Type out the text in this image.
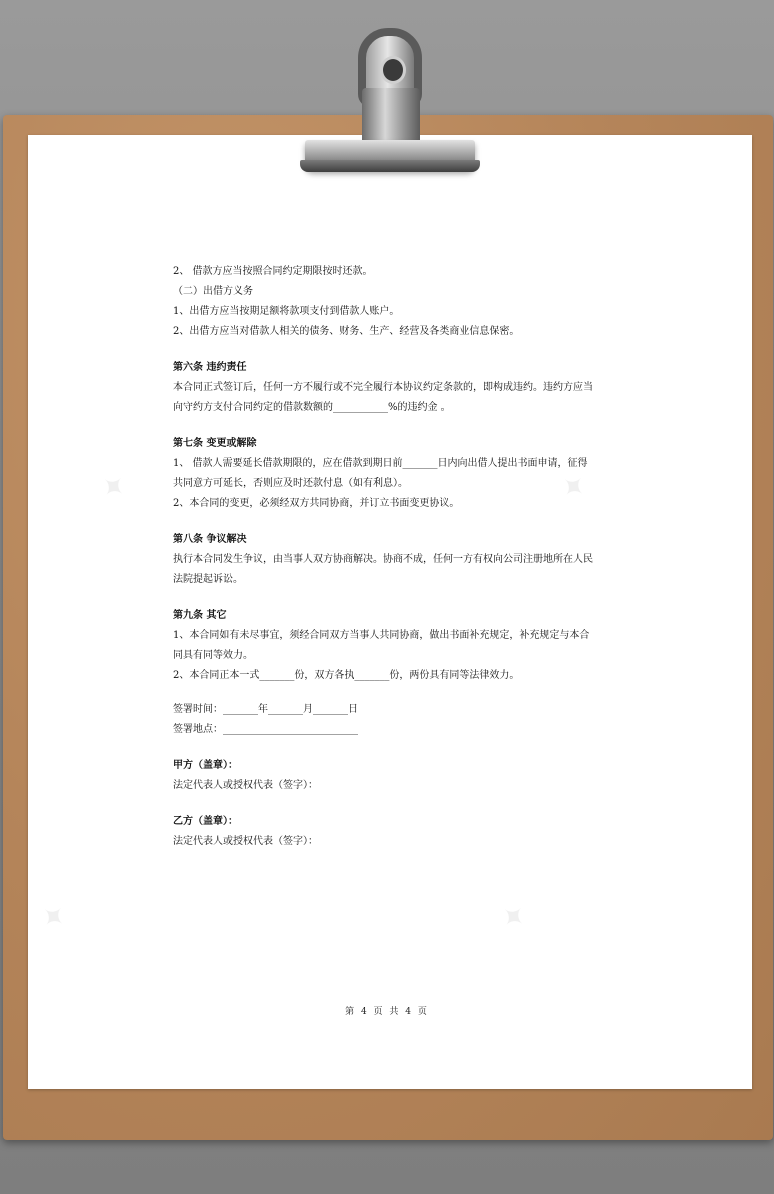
2、 借款方应当按照合同约定期限按时还款。

（二）出借方义务

1、出借方应当按期足额将款项支付到借款人账户。

2、出借方应当对借款人相关的债务、财务、生产、经营及各类商业信息保密。

第六条 违约责任

本合同正式签订后，任何一方不履行或不完全履行本协议约定条款的，即构成违约。违约方应当

向守约方支付合同约定的借款数额的___________%的违约金 。

第七条 变更或解除

1、 借款人需要延长借款期限的，应在借款到期日前_______日内向出借人提出书面申请，征得

共同意方可延长，否则应及时还款付息（如有利息）。

2、本合同的变更，必须经双方共同协商，并订立书面变更协议。

第八条 争议解决

执行本合同发生争议，由当事人双方协商解决。协商不成，任何一方有权向公司注册地所在人民

法院提起诉讼。

第九条 其它

1、本合同如有未尽事宜，须经合同双方当事人共同协商，做出书面补充规定，补充规定与本合

同具有同等效力。

2、本合同正本一式_______份，双方各执_______份，两份具有同等法律效力。

签署时间：_______年_______月_______日

签署地点：___________________________

甲方（盖章）：

法定代表人或授权代表（签字）：

乙方（盖章）：

法定代表人或授权代表（签字）：

第 4 页 共 4 页
✦	✦
✦	✦
